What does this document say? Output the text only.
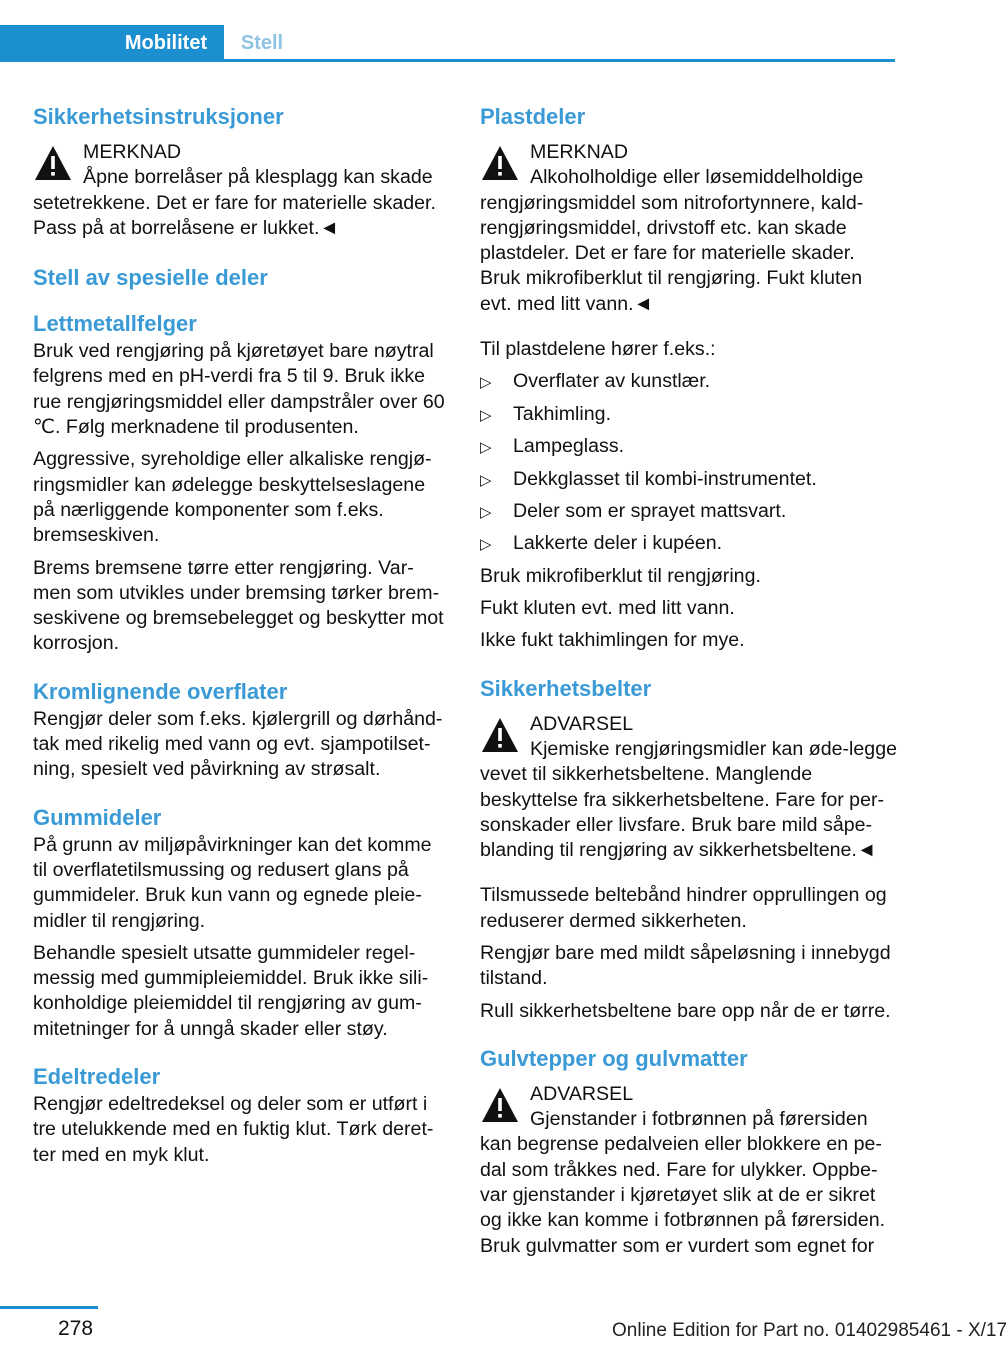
Mobilitet	Stell
Sikkerhetsinstruksjoner
MERKNAD
Åpne borrelåser på klesplagg kan skade setetrekkene. Det er fare for materielle skader. Pass på at borrelåsene er lukket.◄
Stell av spesielle deler
Lettmetallfelger

Bruk ved rengjøring på kjøretøyet bare nøytral felgrens med en pH-verdi fra 5 til 9. Bruk ikke rue rengjøringsmiddel eller dampstråler over 60 ℃. Følg merknadene til produsenten.

Aggressive, syreholdige eller alkaliske rengjø-ringsmidler kan ødelegge beskyttelseslagene på nærliggende komponenter som f.eks. bremseskiven.

Brems bremsene tørre etter rengjøring. Var-men som utvikles under bremsing tørker brem-seskivene og bremsebelegget og beskytter mot korrosjon.

Kromlignende overflater

Rengjør deler som f.eks. kjølergrill og dørhånd-tak med rikelig med vann og evt. sjampotilset-ning, spesielt ved påvirkning av strøsalt.

Gummideler

På grunn av miljøpåvirkninger kan det komme til overflatetilsmussing og redusert glans på gummideler. Bruk kun vann og egnede pleie-midler til rengjøring.

Behandle spesielt utsatte gummideler regel-messig med gummipleiemiddel. Bruk ikke sili-konholdige pleiemiddel til rengjøring av gum-mitetninger for å unngå skader eller støy.

Edeltredeler

Rengjør edeltredeksel og deler som er utført i tre utelukkende med en fuktig klut. Tørk deret-ter med en myk klut.

Plastdeler
MERKNAD
Alkoholholdige eller løsemiddelholdige rengjøringsmiddel som nitrofortynnere, kald-rengjøringsmiddel, drivstoff etc. kan skade plastdeler. Det er fare for materielle skader. Bruk mikrofiberklut til rengjøring. Fukt kluten evt. med litt vann.◄

Til plastdelene hører f.eks.:

▷ Overflater av kunstlær.
▷ Takhimling.
▷ Lampeglass.
▷ Dekkglasset til kombi-instrumentet.
▷ Deler som er sprayet mattsvart.
▷ Lakkerte deler i kupéen.

Bruk mikrofiberklut til rengjøring.

Fukt kluten evt. med litt vann.

Ikke fukt takhimlingen for mye.

Sikkerhetsbelter
ADVARSEL
Kjemiske rengjøringsmidler kan øde-legge vevet til sikkerhetsbeltene. Manglende beskyttelse fra sikkerhetsbeltene. Fare for per-sonskader eller livsfare. Bruk bare mild såpe-blanding til rengjøring av sikkerhetsbeltene.◄

Tilsmussede beltebånd hindrer opprullingen og reduserer dermed sikkerheten.

Rengjør bare med mildt såpeløsning i innebygd tilstand.

Rull sikkerhetsbeltene bare opp når de er tørre.

Gulvtepper og gulvmatter
ADVARSEL
Gjenstander i fotbrønnen på førersiden kan begrense pedalveien eller blokkere en pe-dal som tråkkes ned. Fare for ulykker. Oppbe-var gjenstander i kjøretøyet slik at de er sikret og ikke kan komme i fotbrønnen på førersiden. Bruk gulvmatter som er vurdert som egnet for
278	Online Edition for Part no. 01402985461 - X/17
